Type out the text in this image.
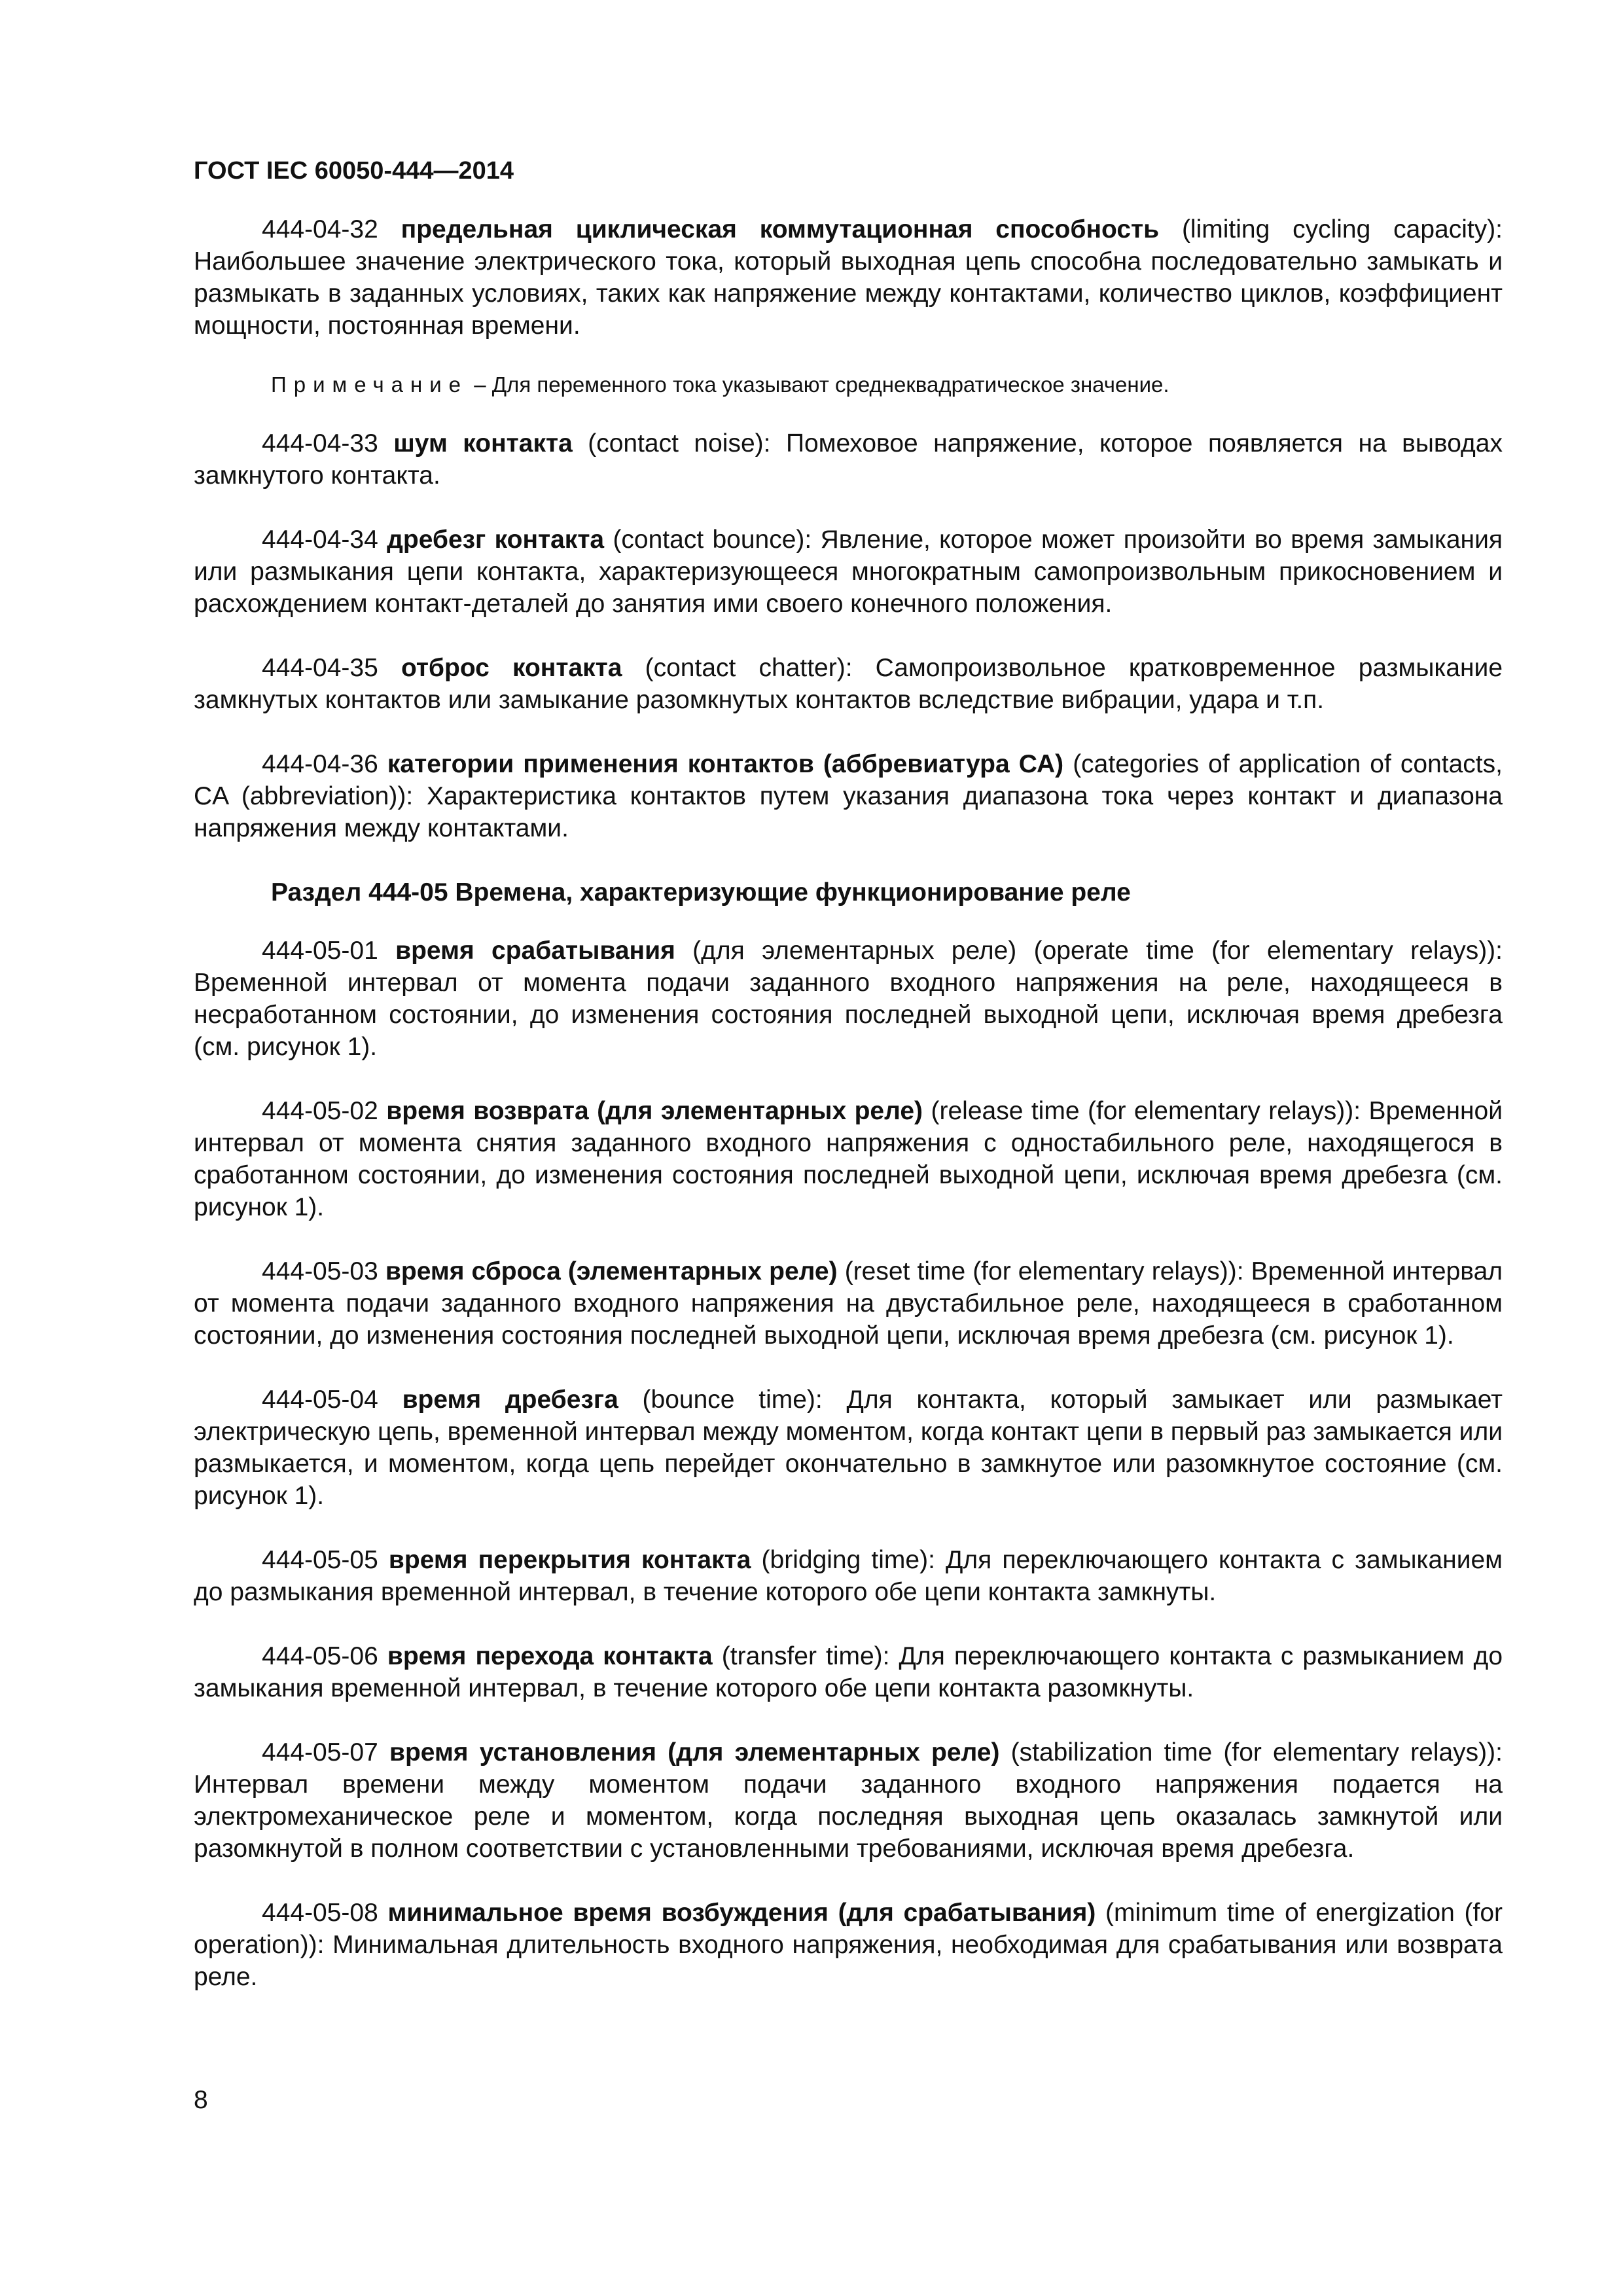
ГОСТ IEC 60050-444—2014
444-04-32 предельная циклическая коммутационная способность (limiting cycling capacity): Наибольшее значение электрического тока, который выходная цепь способна последовательно замыкать и размыкать в заданных условиях, таких как напряжение между контактами, количество циклов, коэффициент мощности, постоянная времени.
Примечание – Для переменного тока указывают среднеквадратическое значение.
444-04-33 шум контакта (contact noise): Помеховое напряжение, которое появляется на выводах замкнутого контакта.
444-04-34 дребезг контакта (contact bounce): Явление, которое может произойти во время замыкания или размыкания цепи контакта, характеризующееся многократным самопроизвольным прикосновением и расхождением контакт-деталей до занятия ими своего конечного положения.
444-04-35 отброс контакта (contact chatter): Самопроизвольное кратковременное размыкание замкнутых контактов или замыкание разомкнутых контактов вследствие вибрации, удара и т.п.
444-04-36 категории применения контактов (аббревиатура СА) (categories of application of contacts, CA (abbreviation)): Характеристика контактов путем указания диапазона тока через контакт и диапазона напряжения между контактами.
Раздел 444-05 Времена, характеризующие функционирование реле
444-05-01 время срабатывания (для элементарных реле) (operate time (for elementary relays)): Временной интервал от момента подачи заданного входного напряжения на реле, находящееся в несработанном состоянии, до изменения состояния последней выходной цепи, исключая время дребезга (см. рисунок 1).
444-05-02 время возврата (для элементарных реле) (release time (for elementary relays)): Временной интервал от момента снятия заданного входного напряжения с одностабильного реле, находящегося в сработанном состоянии, до изменения состояния последней выходной цепи, исключая время дребезга (см. рисунок 1).
444-05-03 время сброса (элементарных реле) (reset time (for elementary relays)): Временной интервал от момента подачи заданного входного напряжения на двустабильное реле, находящееся в сработанном состоянии, до изменения состояния последней выходной цепи, исключая время дребезга (см. рисунок 1).
444-05-04 время дребезга (bounce time): Для контакта, который замыкает или размыкает электрическую цепь, временной интервал между моментом, когда контакт цепи в первый раз замыкается или размыкается, и моментом, когда цепь перейдет окончательно в замкнутое или разомкнутое состояние (см. рисунок 1).
444-05-05 время перекрытия контакта (bridging time): Для переключающего контакта с замыканием до размыкания временной интервал, в течение которого обе цепи контакта замкнуты.
444-05-06 время перехода контакта (transfer time): Для переключающего контакта с размыканием до замыкания временной интервал, в течение которого обе цепи контакта разомкнуты.
444-05-07 время установления (для элементарных реле) (stabilization time (for elementary relays)): Интервал времени между моментом подачи заданного входного напряжения подается на электромеханическое реле и моментом, когда последняя выходная цепь оказалась замкнутой или разомкнутой в полном соответствии с установленными требованиями, исключая время дребезга.
444-05-08 минимальное время возбуждения (для срабатывания) (minimum time of energization (for operation)): Минимальная длительность входного напряжения, необходимая для срабатывания или возврата реле.
8
